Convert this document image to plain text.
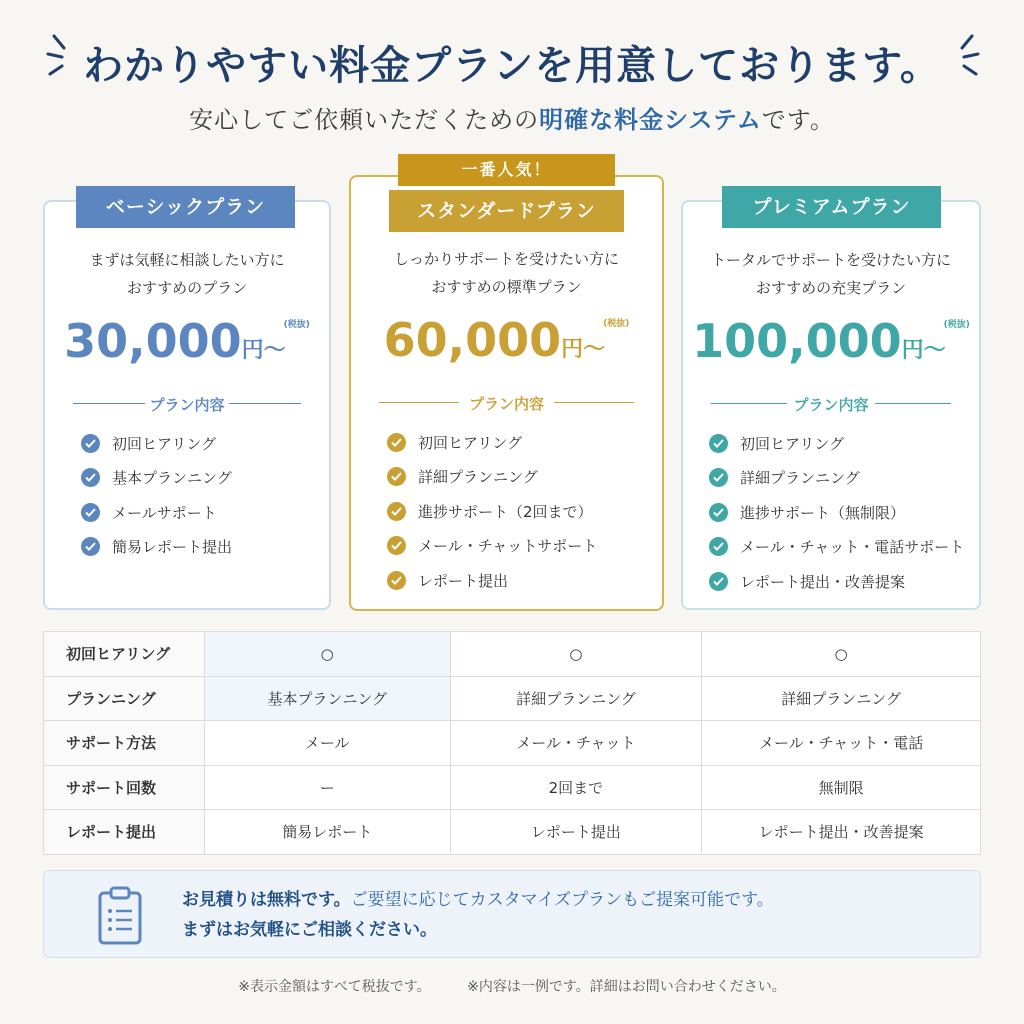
わかりやすい料金プランを用意しております。
安心してご依頼いただくための明確な料金システムです。
ベーシックプラン
一番人気！
スタンダードプラン	プレミアムプラン
まずは気軽に相談したい方に
おすすめのプラン
30,000円〜$^{(税抜)}$
プラン内容
初回ヒアリング
基本プランニング
メールサポート
簡易レポート提出
しっかりサポートを受けたい方に
おすすめの標準プラン
60,000円〜$^{(税抜)}$
プラン内容
初回ヒアリング
詳細プランニング
進捗サポート（2回まで）
メール・チャットサポート
レポート提出
トータルでサポートを受けたい方に
おすすめの充実プラン
100,000円〜$^{(税抜)}$
プラン内容
初回ヒアリング
詳細プランニング
進捗サポート（無制限）
メール・チャット・電話サポート
レポート提出・改善提案
初回ヒアリング	○	○	○
プランニング	基本プランニング	詳細プランニング	詳細プランニング
サポート方法	メール	メール・チャット	メール・チャット・電話
サポート回数	ー	2回まで	無制限
レポート提出	簡易レポート	レポート提出	レポート提出・改善提案
お見積りは無料です。ご要望に応じてカスタマイズプランもご提案可能です。
まずはお気軽にご相談ください。
※表示金額はすべて税抜です。	※内容は一例です。詳細はお問い合わせください。
